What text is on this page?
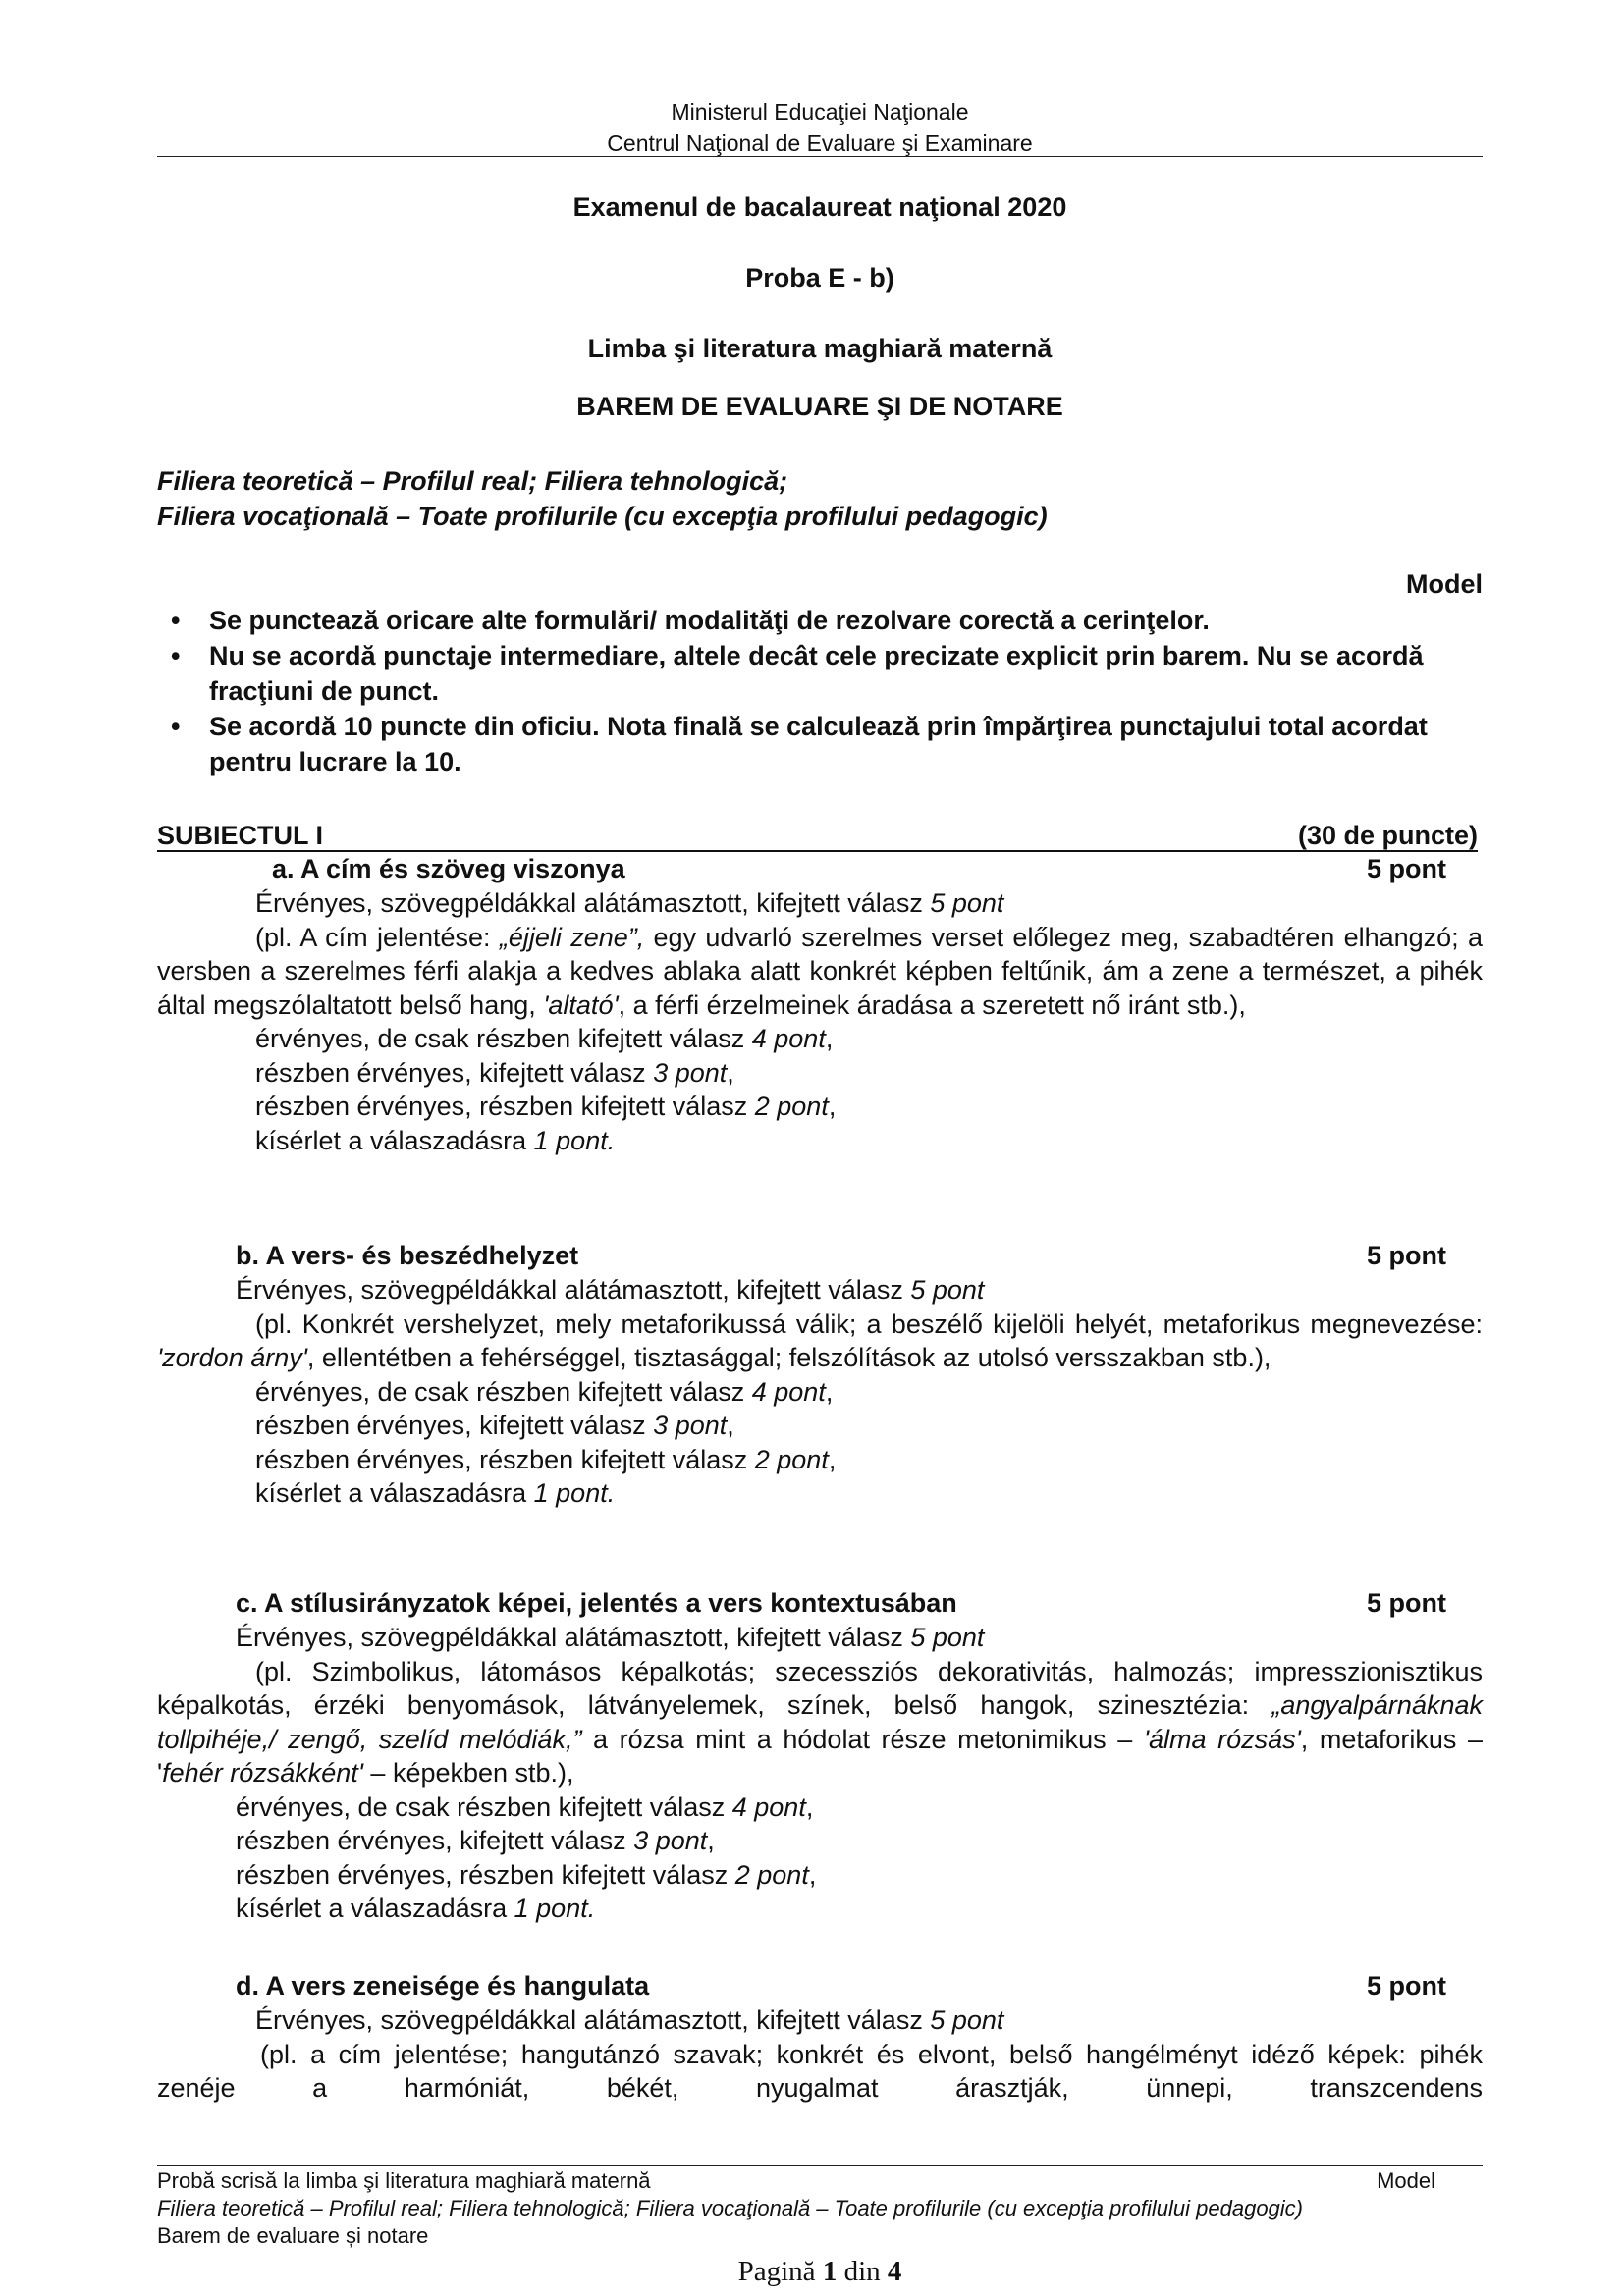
Ministerul Educaţiei Naţionale
Centrul Naţional de Evaluare şi Examinare
Examenul de bacalaureat naţional 2020
Proba E - b)
Limba şi literatura maghiară maternă
BAREM DE EVALUARE ŞI DE NOTARE
Filiera teoretică – Profilul real; Filiera tehnologică;
Filiera vocaţională – Toate profilurile (cu excepţia profilului pedagogic)
Model
• Se punctează oricare alte formulări/ modalităţi de rezolvare corectă a cerinţelor.
• Nu se acordă punctaje intermediare, altele decât cele precizate explicit prin barem. Nu se acordă fracţiuni de punct.
• Se acordă 10 puncte din oficiu. Nota finală se calculează prin împărţirea punctajului total acordat pentru lucrare la 10.
SUBIECTUL I	(30 de puncte)
a. A cím és szöveg viszonya	5 pont
Érvényes, szövegpéldákkal alátámasztott, kifejtett válasz 5 pont
(pl. A cím jelentése: „éjjeli zene”, egy udvarló szerelmes verset előlegez meg, szabadtéren elhangzó; a versben a szerelmes férfi alakja a kedves ablaka alatt konkrét képben feltűnik, ám a zene a természet, a pihék által megszólaltatott belső hang, 'altató', a férfi érzelmeinek áradása a szeretett nő iránt stb.),
érvényes, de csak részben kifejtett válasz 4 pont,
részben érvényes, kifejtett válasz 3 pont,
részben érvényes, részben kifejtett válasz 2 pont,
kísérlet a válaszadásra 1 pont.
b. A vers- és beszédhelyzet	5 pont
Érvényes, szövegpéldákkal alátámasztott, kifejtett válasz 5 pont
(pl. Konkrét vershelyzet, mely metaforikussá válik; a beszélő kijelöli helyét, metaforikus megnevezése: 'zordon árny', ellentétben a fehérséggel, tisztasággal; felszólítások az utolsó versszakban stb.),
érvényes, de csak részben kifejtett válasz 4 pont,
részben érvényes, kifejtett válasz 3 pont,
részben érvényes, részben kifejtett válasz 2 pont,
kísérlet a válaszadásra 1 pont.
c. A stílusirányzatok képei, jelentés a vers kontextusában	5 pont
Érvényes, szövegpéldákkal alátámasztott, kifejtett válasz 5 pont
(pl. Szimbolikus, látomásos képalkotás; szecessziós dekorativitás, halmozás; impresszionisztikus képalkotás, érzéki benyomások, látványelemek, színek, belső hangok, szinesztézia: „angyalpárnáknak tollpihéje,/ zengő, szelíd melódiák,” a rózsa mint a hódolat része metonimikus – 'álma rózsás', metaforikus – 'fehér rózsákként' – képekben stb.),
érvényes, de csak részben kifejtett válasz 4 pont,
részben érvényes, kifejtett válasz 3 pont,
részben érvényes, részben kifejtett válasz 2 pont,
kísérlet a válaszadásra 1 pont.
d. A vers zeneisége és hangulata	5 pont
Érvényes, szövegpéldákkal alátámasztott, kifejtett válasz 5 pont
(pl. a cím jelentése; hangutánzó szavak; konkrét és elvont, belső hangélményt idéző képek: pihék zenéje a harmóniát, békét, nyugalmat árasztják, ünnepi, transzcendens
Probă scrisă la limba şi literatura maghiară maternă	Model
Filiera teoretică – Profilul real; Filiera tehnologică; Filiera vocaţională – Toate profilurile (cu excepţia profilului pedagogic)
Barem de evaluare și notare
Pagină 1 din 4
